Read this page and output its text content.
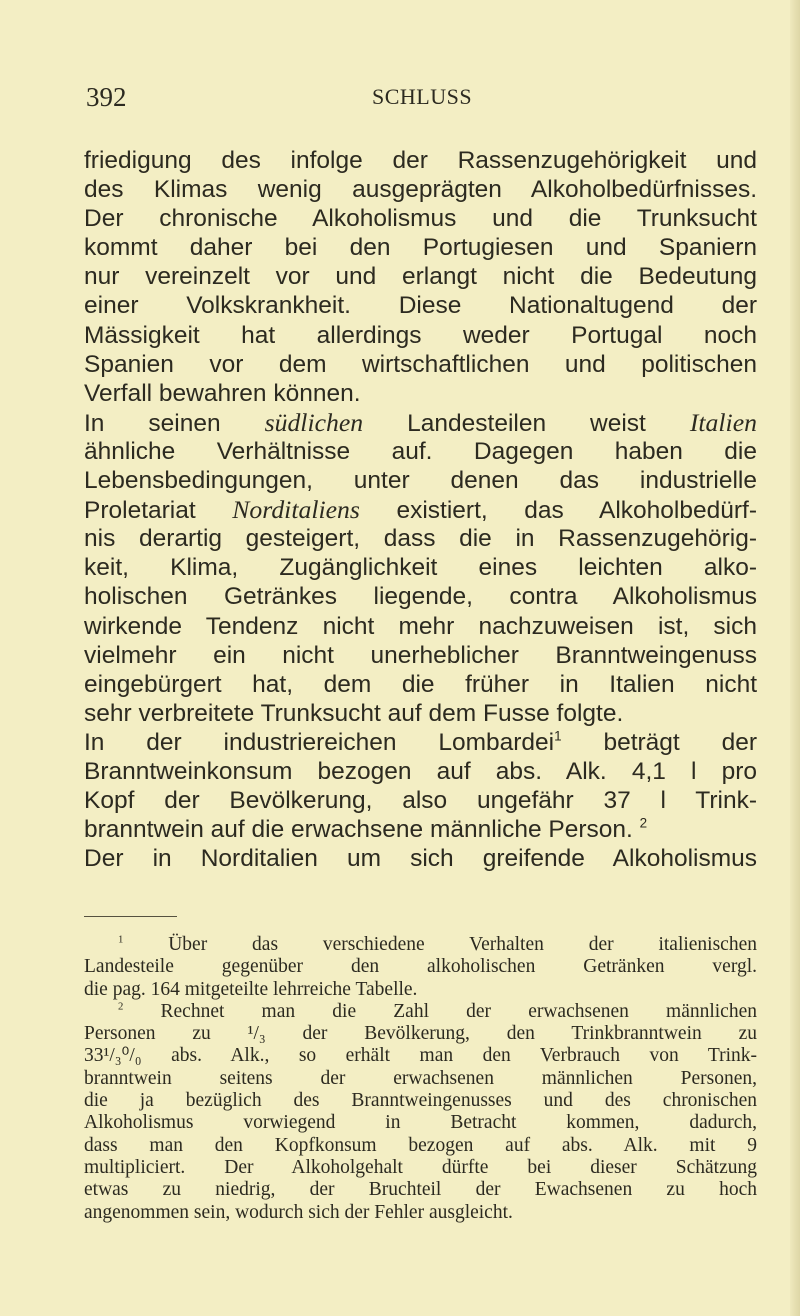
392	SCHLUSS
friedigung des infolge der Rassenzugehörigkeit und
des Klimas wenig ausgeprägten Alkoholbedürfnisses.
Der chronische Alkoholismus und die Trunksucht
kommt daher bei den Portugiesen und Spaniern
nur vereinzelt vor und erlangt nicht die Bedeutung
einer Volkskrankheit. Diese Nationaltugend der
Mässigkeit hat allerdings weder Portugal noch
Spanien vor dem wirtschaftlichen und politischen
Verfall bewahren können.
In seinen südlichen Landesteilen weist Italien
ähnliche Verhältnisse auf. Dagegen haben die
Lebensbedingungen, unter denen das industrielle
Proletariat Norditaliens existiert, das Alkoholbedürf-
nis derartig gesteigert, dass die in Rassenzugehörig-
keit, Klima, Zugänglichkeit eines leichten alko-
holischen Getränkes liegende, contra Alkoholismus
wirkende Tendenz nicht mehr nachzuweisen ist, sich
vielmehr ein nicht unerheblicher Branntweingenuss
eingebürgert hat, dem die früher in Italien nicht
sehr verbreitete Trunksucht auf dem Fusse folgte.
In der industriereichen Lombardei$^1$ beträgt der
Branntweinkonsum bezogen auf abs. Alk. 4,1 l pro
Kopf der Bevölkerung, also ungefähr 37 l Trink-
branntwein auf die erwachsene männliche Person. $^2$
Der in Norditalien um sich greifende Alkoholismus
$^1$ Über das verschiedene Verhalten der italienischen
Landesteile gegenüber den alkoholischen Getränken vergl.
die pag. 164 mitgeteilte lehrreiche Tabelle.
$^2$ Rechnet man die Zahl der erwachsenen männlichen
Personen zu ¹/₃ der Bevölkerung, den Trinkbranntwein zu
33¹/₃⁰/₀ abs. Alk., so erhält man den Verbrauch von Trink-
branntwein seitens der erwachsenen männlichen Personen,
die ja bezüglich des Branntweingenusses und des chronischen
Alkoholismus vorwiegend in Betracht kommen, dadurch,
dass man den Kopfkonsum bezogen auf abs. Alk. mit 9
multipliciert. Der Alkoholgehalt dürfte bei dieser Schätzung
etwas zu niedrig, der Bruchteil der Ewachsenen zu hoch
angenommen sein, wodurch sich der Fehler ausgleicht.
